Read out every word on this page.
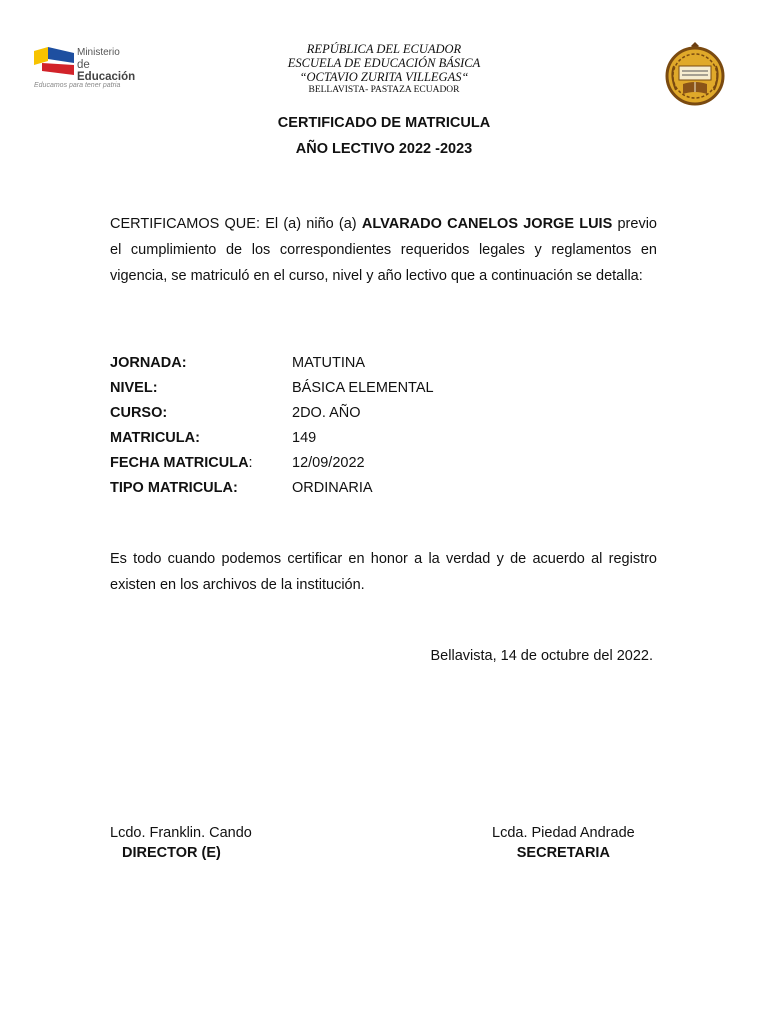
Ministerio
de Educación
Educamos para tener patria
REPÚBLICA DEL ECUADOR
ESCUELA DE EDUCACIÓN BÁSICA
“OCTAVIO ZURITA VILLEGAS“
BELLAVISTA- PASTAZA ECUADOR
CERTIFICADO DE MATRICULA
AÑO LECTIVO 2022 -2023
CERTIFICAMOS QUE: El (a) niño (a) ALVARADO CANELOS JORGE LUIS previo el cumplimiento de los correspondientes requeridos legales y reglamentos en vigencia, se matriculó en el curso, nivel y año lectivo que a continuación se detalla:
JORNADA:	MATUTINA
NIVEL:	BÁSICA ELEMENTAL
CURSO:	2DO. AÑO
MATRICULA:	149
FECHA MATRICULA:	12/09/2022
TIPO MATRICULA:	ORDINARIA
Es todo cuando podemos certificar en honor a la verdad y de acuerdo al registro existen en los archivos de la institución.
Bellavista, 14 de octubre del 2022.
Lcdo. Franklin. Cando
DIRECTOR (E)
Lcda. Piedad Andrade
SECRETARIA
